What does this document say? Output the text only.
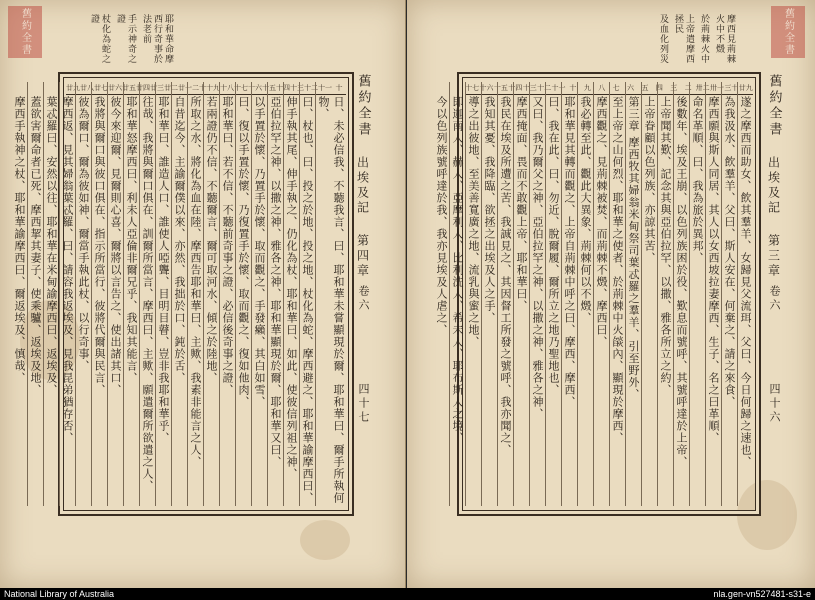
舊約全書	耶和華命摩西行奇事於法老前
手示神奇之證
杖化為蛇之證
十
十一
十二
十三
十四
十五
十六
十七
十八
十九
二十
廿一
廿二
廿三
廿四
廿五
廿六
廿七
廿八
廿九
日、未必信我、不聽我言、曰、耶和華未嘗顯現於爾、耶和華曰、爾手所執何物、
曰、杖也、曰、投之於地、投之地、杖化為蛇、摩西避之、耶和華諭摩西曰、
伸手執其尾、伸手執之、仍化為杖、耶和華曰、如此、使彼信列祖之神、
亞伯拉罕之神、以撒之神、雅各之神、耶和華顯現於爾、耶和華又曰、
以手置於懷、乃置手於懷、取而觀之、手發癩、其白如雪、
曰、復以手置於懷、乃復置手於懷、取而觀之、復如他肉、
耶和華曰、若不信、不聽前奇事之證、必信後奇事之證、
若兩證仍不信、不聽爾言、爾可取河水、傾之於陸地、
所取之水、將化為血在陸、摩西告耶和華曰、主歟、我素非能言之人、
自昔迄今、主諭爾僕以來、亦然、我拙於口、鈍於舌、
耶和華曰、誰造人口、誰使人啞聾、目明目瞽、豈非我耶和華乎、
往哉、我將與爾口俱在、訓爾所當言、摩西曰、主歟、願遣爾所欲遣之人、
耶和華怒摩西曰、利未人亞倫非爾兄乎、我知其能言、
彼今來迎爾、見爾則心喜、爾將以言告之、使出諸其口、
我將與爾口與彼口俱在、指示所當行、彼將代爾與民言、
彼為爾口、爾為彼如神、爾當手執此杖、以行奇事、
摩西返、見其婦翁葉忒羅、曰、請容我返埃及、見我昆弟猶存否、
葉忒羅曰、安然以往、耶和華在米甸諭摩西曰、返埃及、
蓋欲害爾命者已死、摩西挈其妻子、使乘驢、返埃及地、
摩西手執神之杖、耶和華諭摩西曰、爾返埃及、慎哉、	舊約全書
出埃及記
第四章
卷六
四十七
舊約全書
摩西見荊棘火中不燬
於荊棘火中
上帝遣摩西拯民
及血化列災
廿九
三十
卅一
卅二
二
三
四
五
六
七
八
九
十
十一
十二
十三
十四
十五
十六
十七
遂之摩西而助女、飲其羣羊、女歸見父流珥、父曰、今日何歸之速也、
為我汲水、飲羣羊、父曰、斯人安在、何棄之、請之來食、
摩西願與斯人同居、其人以女西坡拉妻摩西、生子、名之曰革順、
命名革順、曰、我為旅於異邦、
後數年、埃及王崩、以色列族困於役、歎息而號呼、其號呼達於上帝、
上帝聞其歎、記念其與亞伯拉罕、以撒、雅各所立之約、
上帝眷顧以色列族、亦諒其苦、
第三章 摩西牧其婦翁米甸祭司葉忒羅之羣羊、引至野外、
至上帝之山何烈、耶和華之使者、於荊棘中火燄內、顯現於摩西、
摩西觀之、見荊棘被焚、而荊棘不燬、摩西曰、
我必轉至此、觀此大異象、荊棘何以不燬、
耶和華見其轉而觀之、上帝自荊棘中呼之曰、摩西、摩西、
曰、我在此、曰、勿近、脫爾履、爾所立之地乃聖地也、
又曰、我乃爾父之神、亞伯拉罕之神、以撒之神、雅各之神、
摩西掩面、畏而不敢觀上帝、耶和華曰、
我民在埃及所遭之苦、我誠見之、其因督工所發之號呼、我亦聞之、
我知其憂、我降臨、欲拯之出埃及人之手、
導之出彼地、至美善寬廣之地、流乳與蜜之地、
即迦南人、赫人、亞摩利人、比利洗人、希未人、耶布斯人之境、
今以色列族號呼達於我、我亦見埃及人虐之、	舊約全書
出埃及記
第三章
卷六
四十六
National Library of Australia	nla.gen-vn527481-s31-e
